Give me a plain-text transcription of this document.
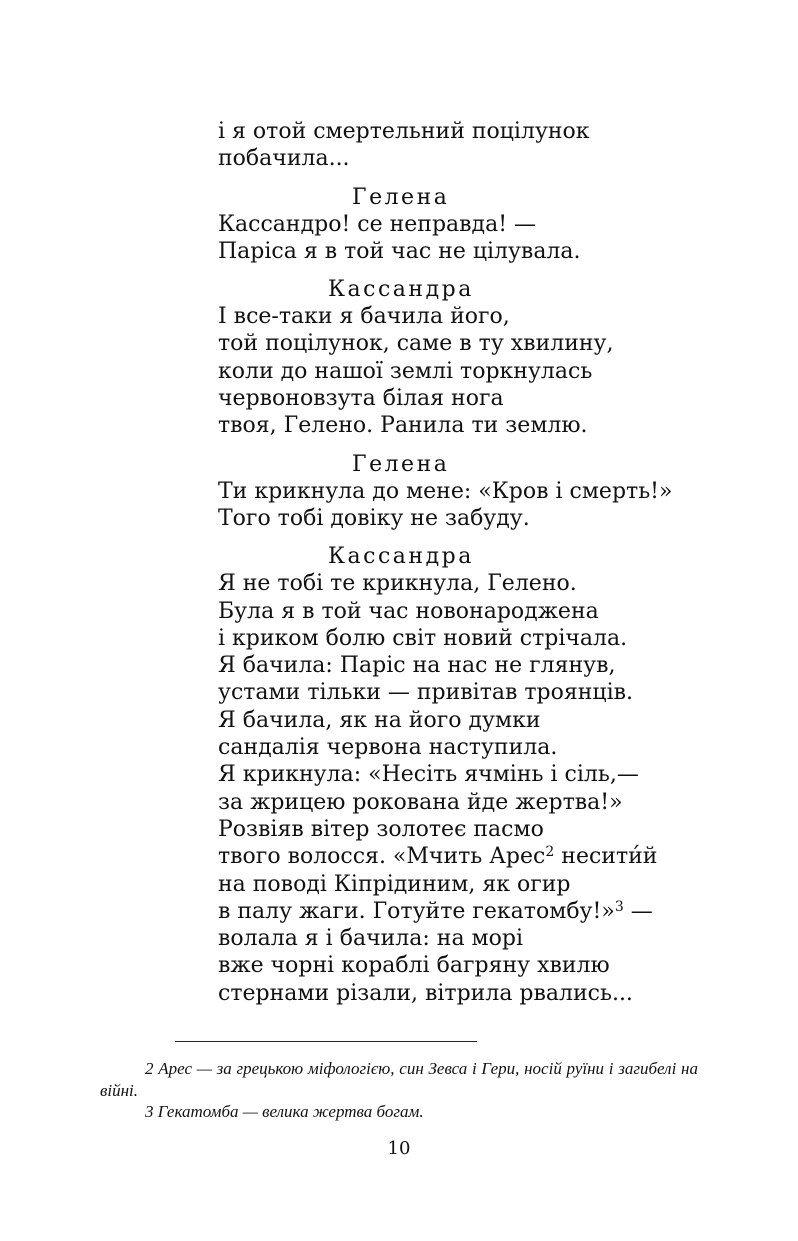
і я отой смертельний поцілунок
побачила...
Гелена
Кассандро! се неправда! —
Паріса я в той час не цілувала.
Кассандра
І все-таки я бачила його,
той поцілунок, саме в ту хвилину,
коли до нашої землі торкнулась
червоновзута білая нога
твоя, Гелено. Ранила ти землю.
Гелена
Ти крикнула до мене: «Кров і смерть!»
Того тобі довіку не забуду.
Кассандра
Я не тобі те крикнула, Гелено.
Була я в той час новонароджена
і криком болю світ новий стрічала.
Я бачила: Паріс на нас не глянув,
устами тільки — привітав троянців.
Я бачила, як на його думки
сандалія червона наступила.
Я крикнула: «Несіть ячмінь і сіль,—
за жрицею рокована йде жертва!»
Розвіяв вітер золотеє пасмо
твого волосся. «Мчить Арес$^2$ несити́й
на поводі Кіпрідиним, як огир
в палу жаги. Готуйте гекатомбу!»$^3$ —
волала я і бачила: на морі
вже чорні кораблі багряну хвилю
стернами різали, вітрила рвались...
2 Арес — за грецькою міфологією, син Зевса і Гери, носій руїни і загибелі на війні.
3 Гекатомба — велика жертва богам.
10
